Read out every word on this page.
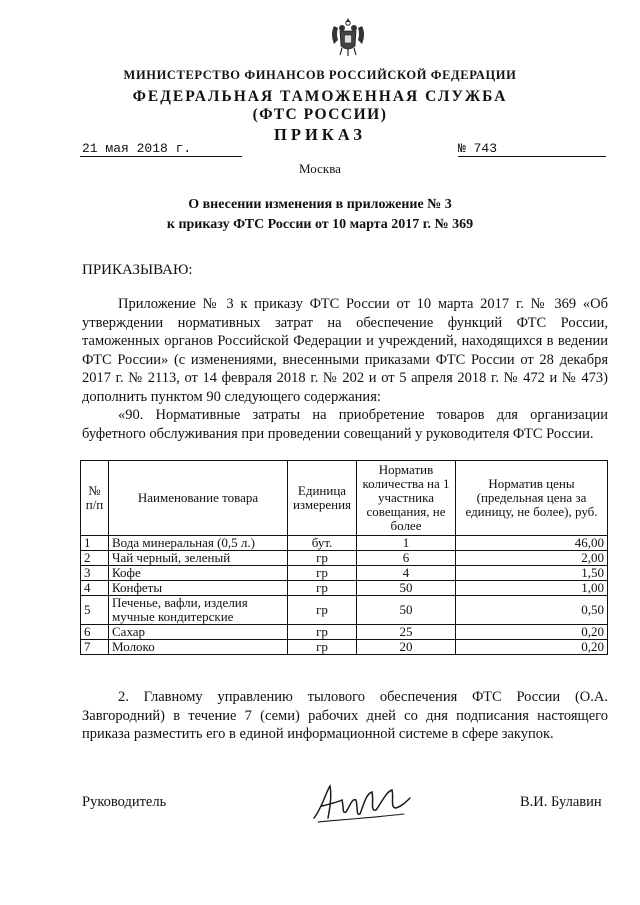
МИНИСТЕРСТВО ФИНАНСОВ РОССИЙСКОЙ ФЕДЕРАЦИИ
ФЕДЕРАЛЬНАЯ ТАМОЖЕННАЯ СЛУЖБА
(ФТС РОССИИ)
ПРИКАЗ
21 мая 2018 г.	№ 743
Москва
О внесении изменения в приложение № 3
к приказу ФТС России от 10 марта 2017 г. № 369
ПРИКАЗЫВАЮ:
Приложение № 3 к приказу ФТС России от 10 марта 2017 г. № 369 «Об утверждении нормативных затрат на обеспечение функций ФТС России, таможенных органов Российской Федерации и учреждений, находящихся в ведении ФТС России» (с изменениями, внесенными приказами ФТС России от 28 декабря 2017 г. № 2113, от 14 февраля 2018 г. № 202 и от 5 апреля 2018 г. № 472 и № 473) дополнить пунктом 90 следующего содержания:
«90. Нормативные затраты на приобретение товаров для организации буфетного обслуживания при проведении совещаний у руководителя ФТС России.
№ п/п	Наименование товара	Единица измерения	Норматив количества на 1 участника совещания, не более	Норматив цены (предельная цена за единицу, не более), руб.
1	Вода минеральная (0,5 л.)	бут.	1	46,00
2	Чай черный, зеленый	гр	6	2,00
3	Кофе	гр	4	1,50
4	Конфеты	гр	50	1,00
5	Печенье, вафли, изделия мучные кондитерские	гр	50	0,50
6	Сахар	гр	25	0,20
7	Молоко	гр	20	0,20
2. Главному управлению тылового обеспечения ФТС России (О.А. Завгородний) в течение 7 (семи) рабочих дней со дня подписания настоящего приказа разместить его в единой информационной системе в сфере закупок.
Руководитель	В.И. Булавин
